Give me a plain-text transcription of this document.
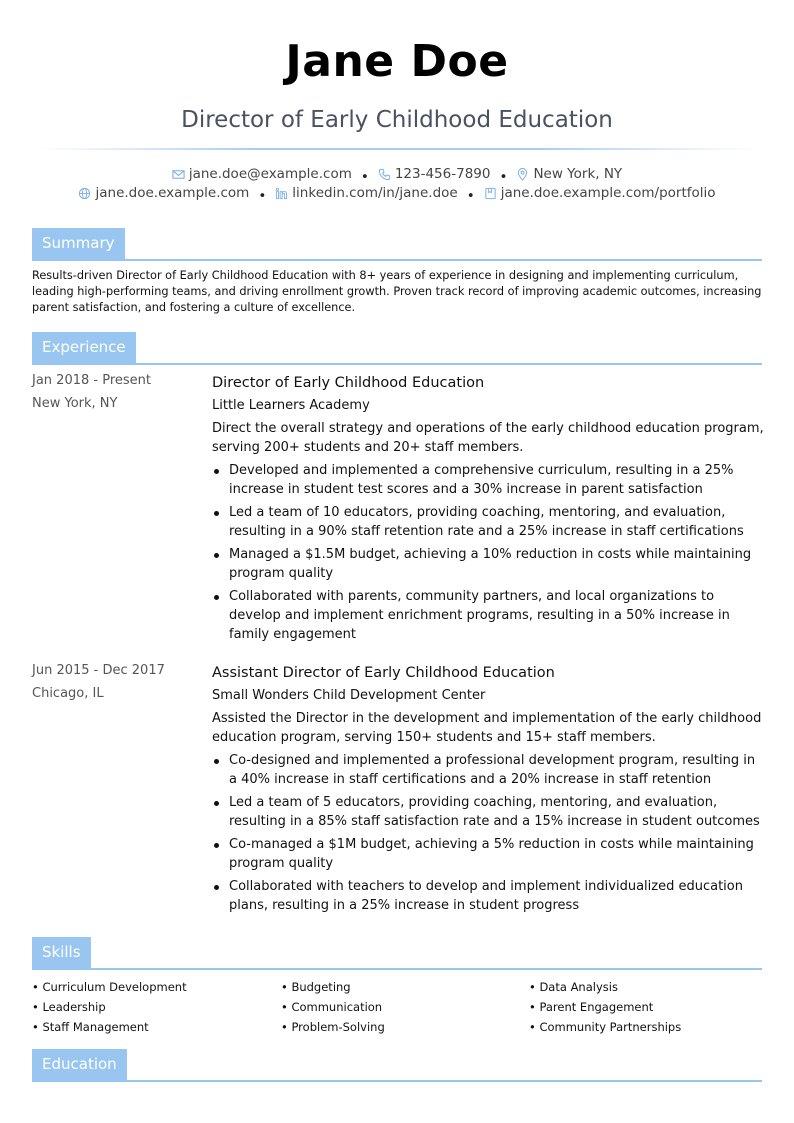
Jane Doe
Director of Early Childhood Education
jane.doe@example.com • 123-456-7890 • New York, NY
jane.doe.example.com • linkedin.com/in/jane.doe • jane.doe.example.com/portfolio
Summary
Results-driven Director of Early Childhood Education with 8+ years of experience in designing and implementing curriculum, leading high-performing teams, and driving enrollment growth. Proven track record of improving academic outcomes, increasing parent satisfaction, and fostering a culture of excellence.
Experience
Jan 2018 - Present
New York, NY
Director of Early Childhood Education
Little Learners Academy
Direct the overall strategy and operations of the early childhood education program, serving 200+ students and 20+ staff members.
Developed and implemented a comprehensive curriculum, resulting in a 25% increase in student test scores and a 30% increase in parent satisfaction
Led a team of 10 educators, providing coaching, mentoring, and evaluation, resulting in a 90% staff retention rate and a 25% increase in staff certifications
Managed a $1.5M budget, achieving a 10% reduction in costs while maintaining program quality
Collaborated with parents, community partners, and local organizations to develop and implement enrichment programs, resulting in a 50% increase in family engagement
Jun 2015 - Dec 2017
Chicago, IL
Assistant Director of Early Childhood Education
Small Wonders Child Development Center
Assisted the Director in the development and implementation of the early childhood education program, serving 150+ students and 15+ staff members.
Co-designed and implemented a professional development program, resulting in a 40% increase in staff certifications and a 20% increase in staff retention
Led a team of 5 educators, providing coaching, mentoring, and evaluation, resulting in a 85% staff satisfaction rate and a 15% increase in student outcomes
Co-managed a $1M budget, achieving a 5% reduction in costs while maintaining program quality
Collaborated with teachers to develop and implement individualized education plans, resulting in a 25% increase in student progress
Skills
• Curriculum Development
• Leadership
• Staff Management
• Budgeting
• Communication
• Problem-Solving
• Data Analysis
• Parent Engagement
• Community Partnerships
Education
